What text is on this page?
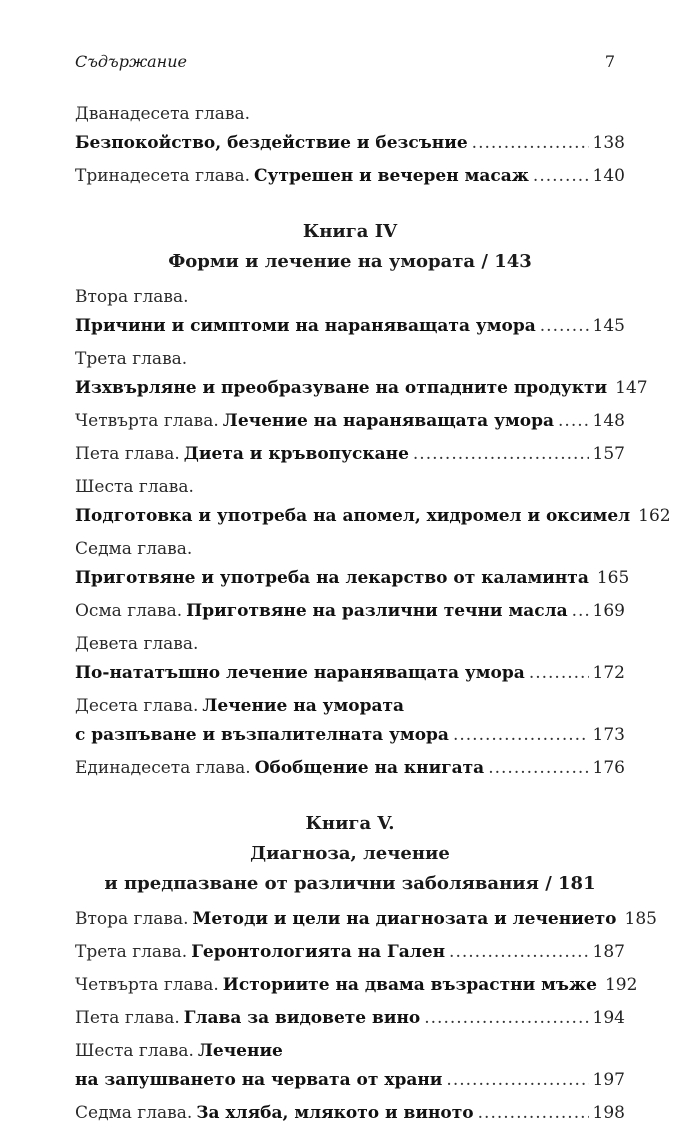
Съдържание	7
Дванадесета глава.
Безпокойство, бездействие и безсъние .....	138
Тринадесета глава. Сутрешен и вечерен масаж .....	140
Книга IV
Форми и лечение на умората / 143
Втора глава.
Причини и симптоми на нараняващата умора .....	145
Трета глава.
Изхвърляне и преобразуване на отпадните продукти 147
Четвърта глава. Лечение на нараняващата умора ..... 148
Пета глава. Диета и кръвопускане .....	157
Шеста глава.
Подготовка и употреба на апомел, хидромел и оксимел 162
Седма глава.
Приготвяне и употреба на лекарство от каламинта 165
Осма глава. Приготвяне на различни течни масла ..... 169
Девета глава.
По-нататъшно лечение нараняващата умора .....	172
Десета глава. Лечение на умората
с разпъване и възпалителната умора .....	173
Единадесета глава. Обобщение на книгата .....	176
Книга V.
Диагноза, лечение
и предпазване от различни заболявания / 181
Втора глава. Методи и цели на диагнозата и лечението 185
Трета глава. Геронтологията на Гален .....	187
Четвърта глава. Историите на двама възрастни мъже 192
Пета глава. Глава за видовете вино .....	194
Шеста глава. Лечение
на запушването на червата от храни .....	197
Седма глава. За хляба, млякото и виното .....	198
